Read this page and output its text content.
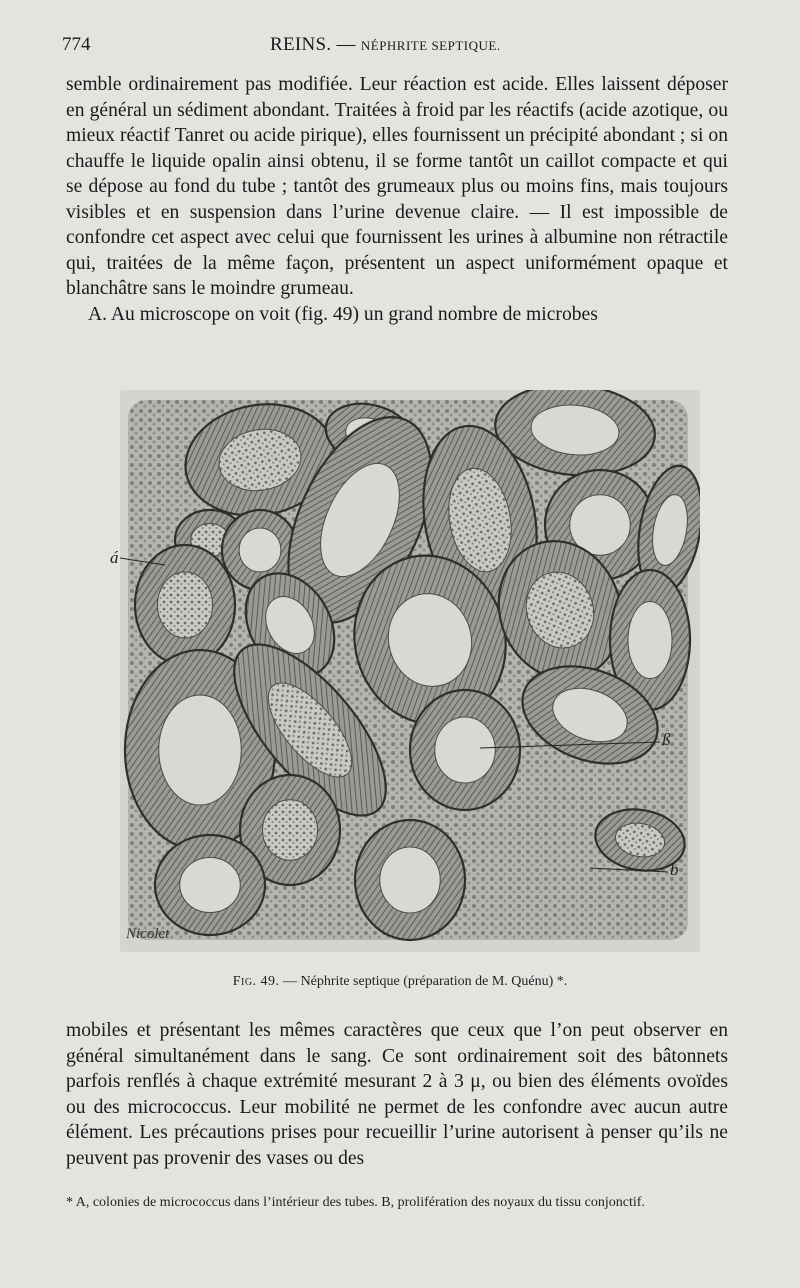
774	REINS. — NÉPHRITE SEPTIQUE.

semble ordinairement pas modifiée. Leur réaction est acide. Elles laissent déposer en général un sédiment abondant. Traitées à froid par les réactifs (acide azotique, ou mieux réactif Tanret ou acide pirique), elles fournissent un précipité abondant ; si on chauffe le liquide opalin ainsi obtenu, il se forme tantôt un caillot compacte et qui se dépose au fond du tube ; tantôt des grumeaux plus ou moins fins, mais toujours visibles et en suspension dans l’urine devenue claire. — Il est impossible de confondre cet aspect avec celui que fournissent les urines à albumine non rétractile qui, traitées de la même façon, présentent un aspect uniformément opaque et blanchâtre sans le moindre grumeau.

A. Au microscope on voit (fig. 49) un grand nombre de microbes

á
ß
b
Nicolet
Fig. 49. — Néphrite septique (préparation de M. Quénu) *.

mobiles et présentant les mêmes caractères que ceux que l’on peut observer en général simultanément dans le sang. Ce sont ordinairement soit des bâtonnets parfois renflés à chaque extrémité mesurant 2 à 3 μ, ou bien des éléments ovoïdes ou des micrococcus. Leur mobilité ne permet de les confondre avec aucun autre élément. Les précautions prises pour recueillir l’urine autorisent à penser qu’ils ne peuvent pas provenir des vases ou des

* A, colonies de micrococcus dans l’intérieur des tubes. B, prolifération des noyaux du tissu conjonctif.
